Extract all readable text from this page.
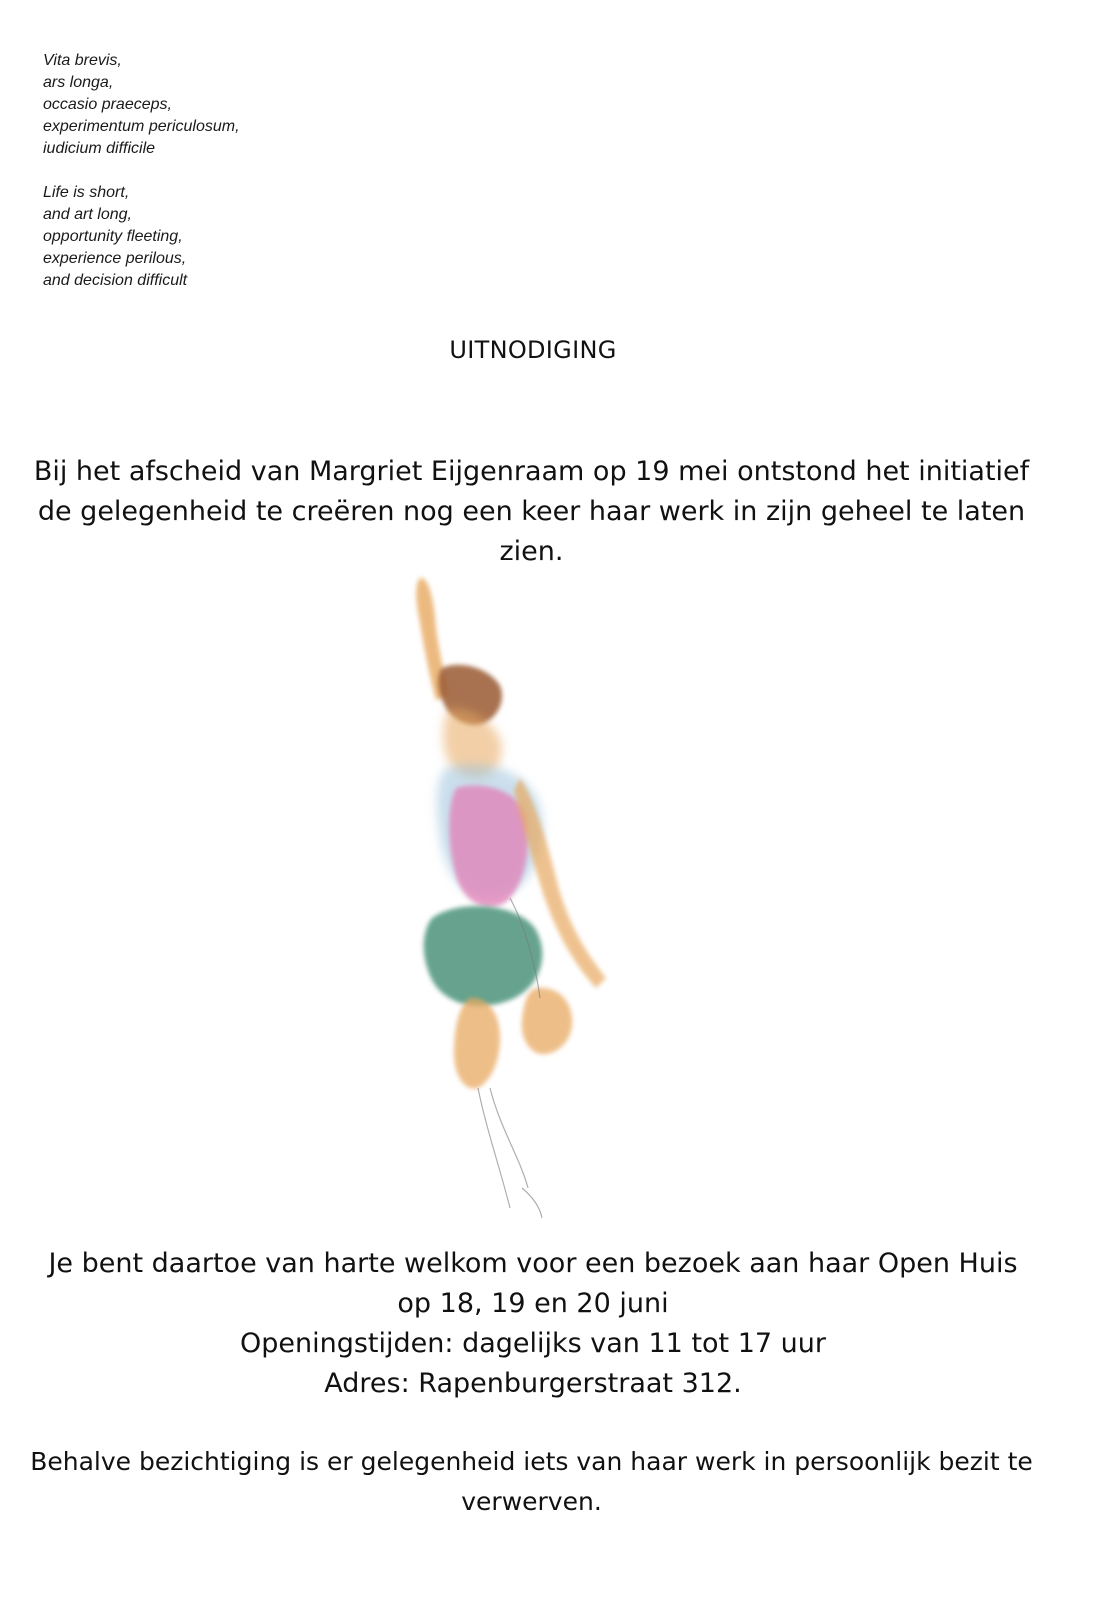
Vita brevis,
ars longa,
occasio praeceps,
experimentum periculosum,
iudicium difficile
Life is short,
and art long,
opportunity fleeting,
experience perilous,
and decision difficult
UITNODIGING
Bij het afscheid van Margriet Eijgenraam op 19 mei ontstond het initiatief de gelegenheid te creëren nog een keer haar werk in zijn geheel te laten zien.
Je bent daartoe van harte welkom voor een bezoek aan haar Open Huis
op 18, 19 en 20 juni
Openingstijden: dagelijks van 11 tot 17 uur
Adres: Rapenburgerstraat 312.
Behalve bezichtiging is er gelegenheid iets van haar werk in persoonlijk bezit te verwerven.
